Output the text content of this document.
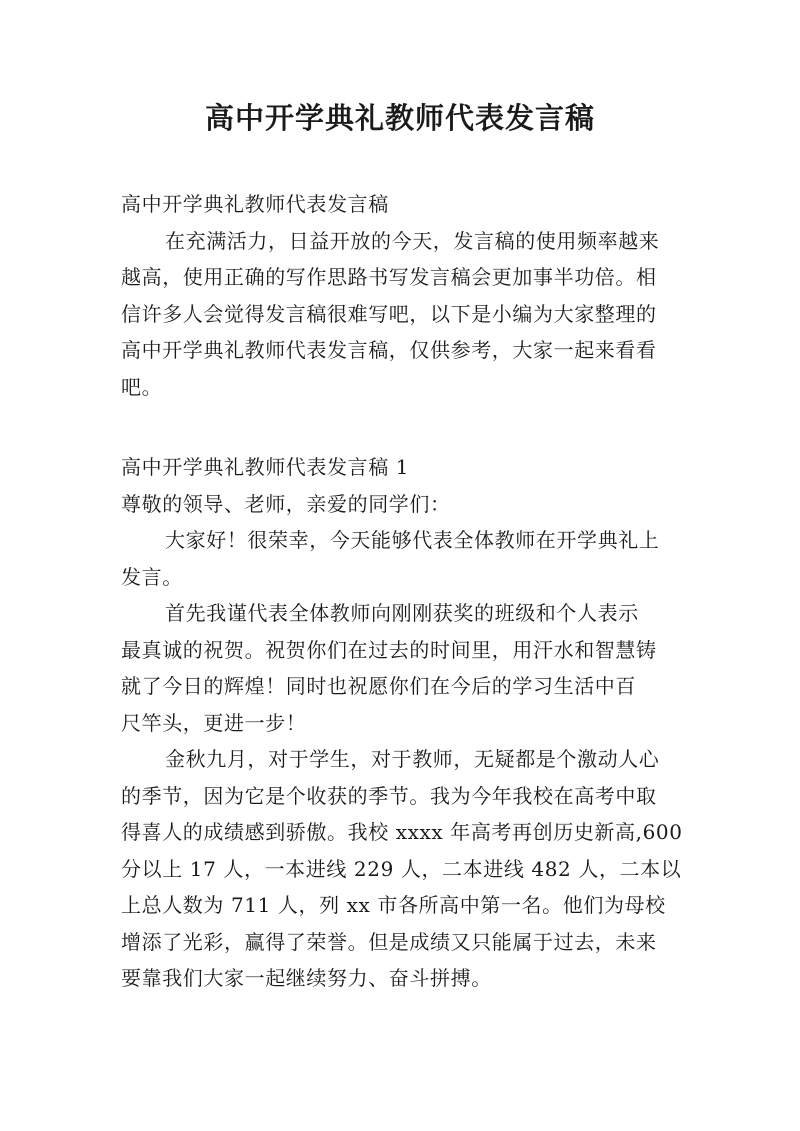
高中开学典礼教师代表发言稿
高中开学典礼教师代表发言稿
在充满活力，日益开放的今天，发言稿的使用频率越来
越高，使用正确的写作思路书写发言稿会更加事半功倍。相
信许多人会觉得发言稿很难写吧，以下是小编为大家整理的
高中开学典礼教师代表发言稿，仅供参考，大家一起来看看
吧。
高中开学典礼教师代表发言稿 1
尊敬的领导、老师，亲爱的同学们：
大家好！很荣幸，今天能够代表全体教师在开学典礼上
发言。
首先我谨代表全体教师向刚刚获奖的班级和个人表示
最真诚的祝贺。祝贺你们在过去的时间里，用汗水和智慧铸
就了今日的辉煌！同时也祝愿你们在今后的学习生活中百
尺竿头，更进一步！
金秋九月，对于学生，对于教师，无疑都是个激动人心
的季节，因为它是个收获的季节。我为今年我校在高考中取
得喜人的成绩感到骄傲。我校 xxxx 年高考再创历史新高,600
分以上 17 人，一本进线 229 人，二本进线 482 人，二本以
上总人数为 711 人，列 xx 市各所高中第一名。他们为母校
增添了光彩，赢得了荣誉。但是成绩又只能属于过去，未来
要靠我们大家一起继续努力、奋斗拼搏。
